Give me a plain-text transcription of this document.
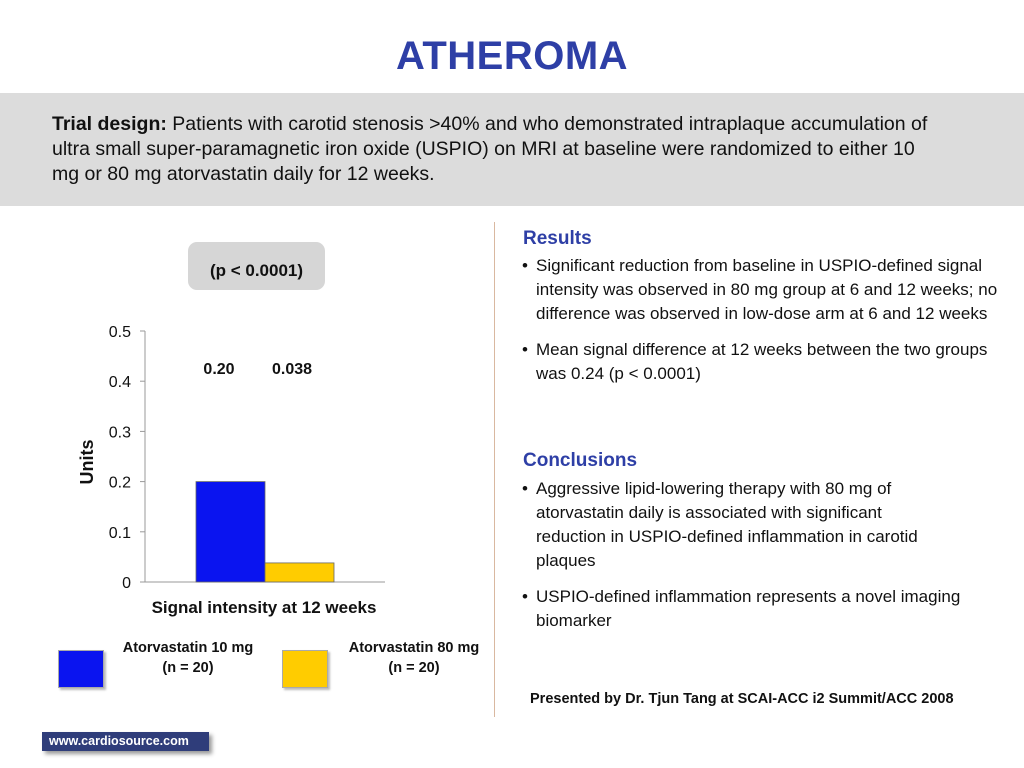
ATHEROMA
Trial design: Patients with carotid stenosis >40% and who demonstrated intraplaque accumulation of ultra small super-paramagnetic iron oxide (USPIO) on MRI at baseline were randomized to either 10 mg or 80 mg atorvastatin daily for 12 weeks.
(p < 0.0001)
0
0.1
0.2
0.3
0.4
0.5
0.20 0.038
Signal intensity at 12 weeks
Units
Atorvastatin 10 mg
(n = 20)
Atorvastatin 80 mg
(n = 20)
Results
• Significant reduction from baseline in USPIO-defined signal intensity was observed in 80 mg group at 6 and 12 weeks; no difference was observed in low-dose arm at 6 and 12 weeks
• Mean signal difference at 12 weeks between the two groups was 0.24 (p < 0.0001)
Conclusions
• Aggressive lipid-lowering therapy with 80 mg of atorvastatin daily is associated with significant reduction in USPIO-defined inflammation in carotid plaques
• USPIO-defined inflammation represents a novel imaging biomarker
Presented by Dr. Tjun Tang at SCAI-ACC i2 Summit/ACC 2008
www.cardiosource.com
